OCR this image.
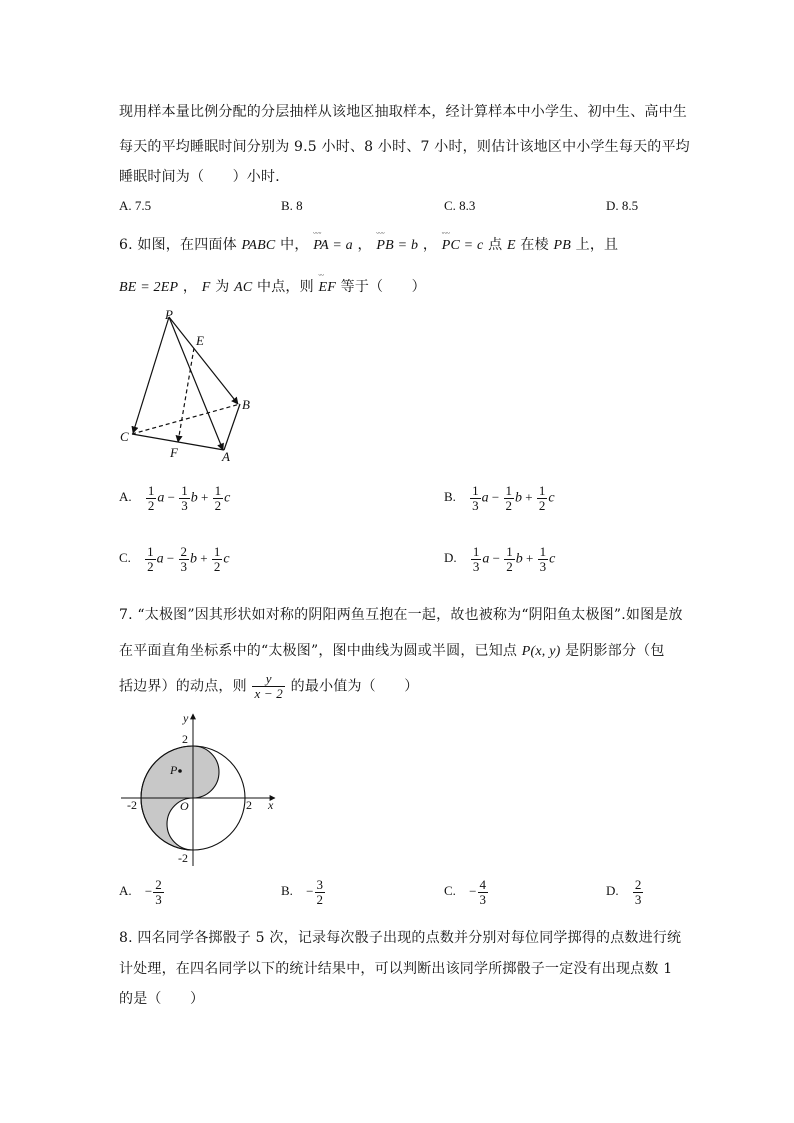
现用样本量比例分配的分层抽样从该地区抽取样本，经计算样本中小学生、初中生、高中生
每天的平均睡眠时间分别为 9.5 小时、8 小时、7 小时，则估计该地区中小学生每天的平均
睡眠时间为（　　）小时．
A. 7.5	B. 8	C. 8.3	D. 8.5
6. 如图，在四面体 PABC 中，
ᵕᵕᵕ
PA = a ，
ᵕᵕᵕ
PB = b ，
ᵕᵕᵕ
PC = c 点 E 在棱 PB 上，且
BE = 2EP ， F 为 AC 中点，则
ᵕᵕ
EF 等于（　　）
P
E
B
C
F	A
A. $\frac{1}{2}$ $a - \frac{1}{3}$ $b + \frac{1}{2}$ c	B. $\frac{1}{3}$ $a - \frac{1}{2}$ $b + \frac{1}{2}$ c
C. $\frac{1}{2}$ $a - \frac{2}{3}$ $b + \frac{1}{2}$ c	D. $\frac{1}{3}$ $a - \frac{1}{2}$ $b + \frac{1}{3}$ c
7. “太极图”因其形状如对称的阴阳两鱼互抱在一起，故也被称为“阴阳鱼太极图”.如图是放
在平面直角坐标系中的“太极图”，图中曲线为圆或半圆，已知点 P(x, y) 是阴影部分（包
括边界）的动点，则 $\frac{y}{x - 2}$ 的最小值为（　　）
y
x
2
-2	O	2
-2
P
A. − $\frac{2}{3}$	B. − $\frac{3}{2}$	C. − $\frac{4}{3}$	D. $\frac{2}{3}$
8. 四名同学各掷骰子 5 次，记录每次骰子出现的点数并分别对每位同学掷得的点数进行统
计处理，在四名同学以下的统计结果中，可以判断出该同学所掷骰子一定没有出现点数 1
的是（　　）
